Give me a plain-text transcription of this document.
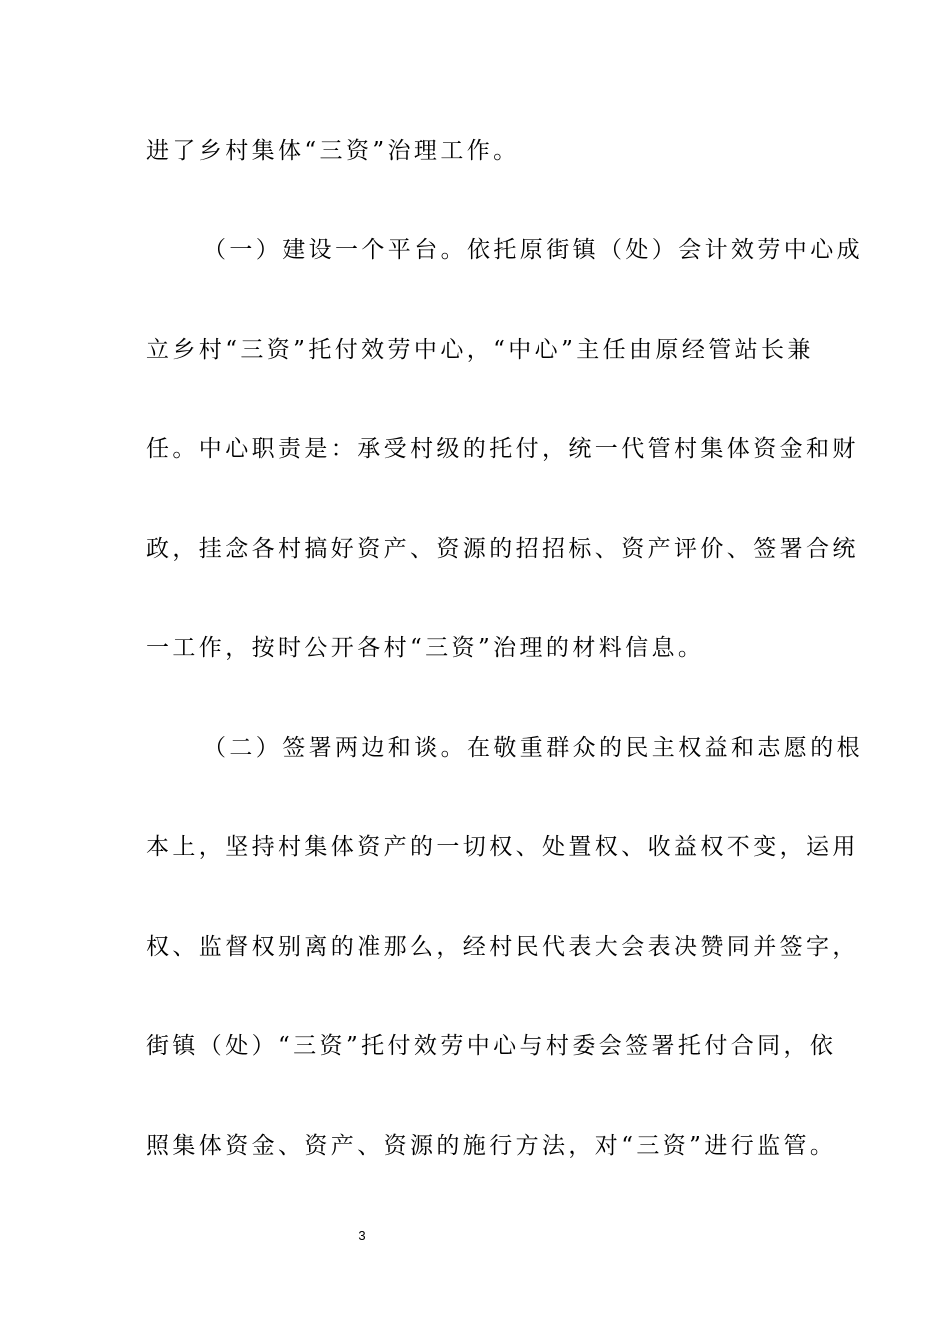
进了乡村集体“三资”治理工作。
（一）建设一个平台。依托原街镇（处）会计效劳中心成
立乡村“三资”托付效劳中心，“中心”主任由原经管站长兼
任。中心职责是：承受村级的托付，统一代管村集体资金和财
政，挂念各村搞好资产、资源的招招标、资产评价、签署合统
一工作，按时公开各村“三资”治理的材料信息。
（二）签署两边和谈。在敬重群众的民主权益和志愿的根
本上，坚持村集体资产的一切权、处置权、收益权不变，运用
权、监督权别离的准那么，经村民代表大会表决赞同并签字，
街镇（处）“三资”托付效劳中心与村委会签署托付合同，依
照集体资金、资产、资源的施行方法，对“三资”进行监管。
3
